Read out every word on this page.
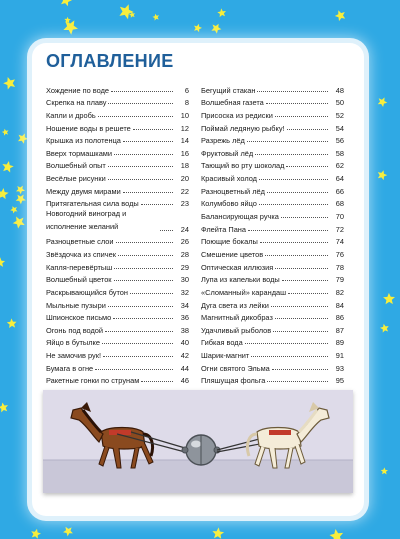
ОГЛАВЛЕНИЕ
Хождение по воде	6
Скрепка на плаву	8
Капли и дробь	10
Ношение воды в решете	12
Крышка из полотенца	14
Вверх тормашками	16
Волшебный опыт	18
Весёлые рисунки	20
Между двумя мирами	22
Притягательная сила воды	23
Новогодний виноград и исполнение желаний	24
Разноцветные слои	26
Звёздочка из спичек	28
Капля-перевёртыш	29
Волшебный цветок	30
Раскрывающийся бутон	32
Мыльные пузыри	34
Шпионское письмо	36
Огонь под водой	38
Яйцо в бутылке	40
Не замочив рук!	42
Бумага в огне	44
Ракетные гонки по струнам	46
Бегущий стакан	48
Волшебная газета	50
Присоска из редиски	52
Поймай ледяную рыбку!	54
Разрежь лёд	56
Фруктовый лёд	58
Тающий во рту шоколад	62
Красивый холод	64
Разноцветный лёд	66
Колумбово яйцо	68
Балансирующая ручка	70
Флейта Пана	72
Поющие бокалы	74
Смешение цветов	76
Оптическая иллюзия	78
Лупа из капельки воды	79
«Сломанный» карандаш	82
Дуга света из лейки	84
Магнитный дикобраз	86
Удачливый рыболов	87
Гибкая вода	89
Шарик-магнит	91
Огни святого Эльма	93
Пляшущая фольга	95
